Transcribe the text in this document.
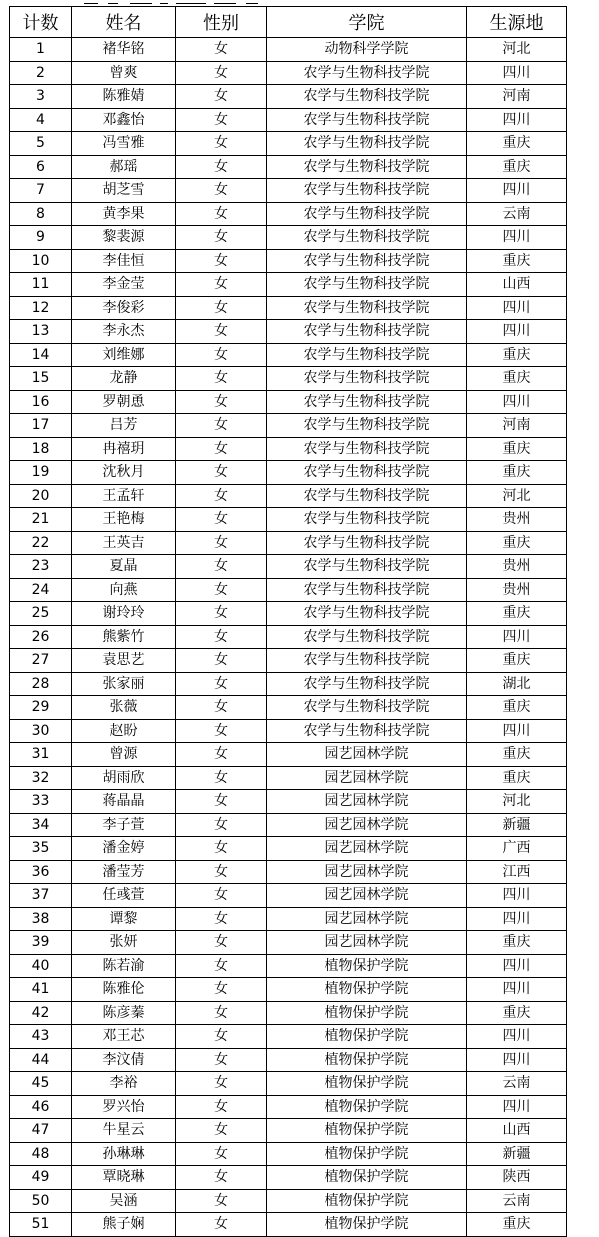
计数	姓名	性别	学院	生源地
1	褚华铭	女	动物科学学院	河北
2	曾爽	女	农学与生物科技学院	四川
3	陈雅婧	女	农学与生物科技学院	河南
4	邓鑫怡	女	农学与生物科技学院	四川
5	冯雪雅	女	农学与生物科技学院	重庆
6	郝瑶	女	农学与生物科技学院	重庆
7	胡芝雪	女	农学与生物科技学院	四川
8	黄李果	女	农学与生物科技学院	云南
9	黎裴源	女	农学与生物科技学院	四川
10	李佳恒	女	农学与生物科技学院	重庆
11	李金莹	女	农学与生物科技学院	山西
12	李俊彩	女	农学与生物科技学院	四川
13	李永杰	女	农学与生物科技学院	四川
14	刘维娜	女	农学与生物科技学院	重庆
15	龙静	女	农学与生物科技学院	重庆
16	罗朝恿	女	农学与生物科技学院	四川
17	吕芳	女	农学与生物科技学院	河南
18	冉禧玥	女	农学与生物科技学院	重庆
19	沈秋月	女	农学与生物科技学院	重庆
20	王孟轩	女	农学与生物科技学院	河北
21	王艳梅	女	农学与生物科技学院	贵州
22	王英吉	女	农学与生物科技学院	重庆
23	夏晶	女	农学与生物科技学院	贵州
24	向燕	女	农学与生物科技学院	贵州
25	谢玲玲	女	农学与生物科技学院	重庆
26	熊紫竹	女	农学与生物科技学院	四川
27	袁思艺	女	农学与生物科技学院	重庆
28	张家丽	女	农学与生物科技学院	湖北
29	张薇	女	农学与生物科技学院	重庆
30	赵盼	女	农学与生物科技学院	四川
31	曾源	女	园艺园林学院	重庆
32	胡雨欣	女	园艺园林学院	重庆
33	蒋晶晶	女	园艺园林学院	河北
34	李子萱	女	园艺园林学院	新疆
35	潘金婷	女	园艺园林学院	广西
36	潘莹芳	女	园艺园林学院	江西
37	任彧萱	女	园艺园林学院	四川
38	谭黎	女	园艺园林学院	四川
39	张妍	女	园艺园林学院	重庆
40	陈若渝	女	植物保护学院	四川
41	陈雅伦	女	植物保护学院	四川
42	陈彦蓁	女	植物保护学院	重庆
43	邓王芯	女	植物保护学院	四川
44	李汶倩	女	植物保护学院	四川
45	李裕	女	植物保护学院	云南
46	罗兴怡	女	植物保护学院	四川
47	牛星云	女	植物保护学院	山西
48	孙琳琳	女	植物保护学院	新疆
49	覃晓琳	女	植物保护学院	陕西
50	吴涵	女	植物保护学院	云南
51	熊子娴	女	植物保护学院	重庆
